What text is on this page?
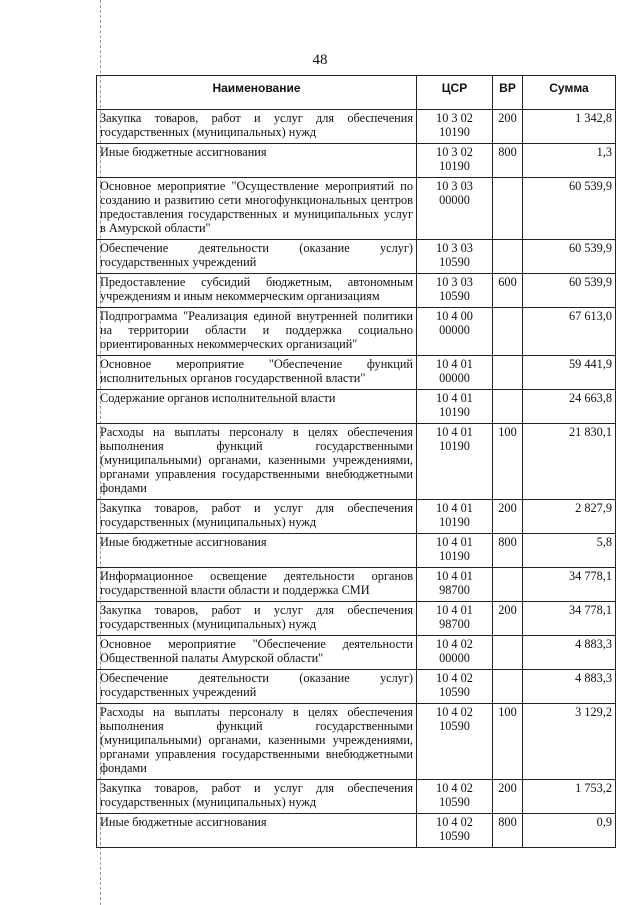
48
Наименование	ЦСР	ВР	Сумма
Закупка товаров, работ и услуг для обеспечения государственных (муниципальных) нужд	10 3 02 10190	200	1 342,8
Иные бюджетные ассигнования	10 3 02 10190	800	1,3
Основное мероприятие "Осуществление мероприятий по созданию и развитию сети многофункциональных центров предоставления государственных и муниципальных услуг в Амурской области"	10 3 03 00000		60 539,9
Обеспечение деятельности (оказание услуг) государственных учреждений	10 3 03 10590		60 539,9
Предоставление субсидий бюджетным, автономным учреждениям и иным некоммерческим организациям	10 3 03 10590	600	60 539,9
Подпрограмма "Реализация единой внутренней политики на территории области и поддержка социально ориентированных некоммерческих организаций"	10 4 00 00000		67 613,0
Основное мероприятие "Обеспечение функций исполнительных органов государственной власти"	10 4 01 00000		59 441,9
Содержание органов исполнительной власти	10 4 01 10190		24 663,8
Расходы на выплаты персоналу в целях обеспечения выполнения функций государственными (муниципальными) органами, казенными учреждениями, органами управления государственными внебюджетными фондами	10 4 01 10190	100	21 830,1
Закупка товаров, работ и услуг для обеспечения государственных (муниципальных) нужд	10 4 01 10190	200	2 827,9
Иные бюджетные ассигнования	10 4 01 10190	800	5,8
Информационное освещение деятельности органов государственной власти области и поддержка СМИ	10 4 01 98700		34 778,1
Закупка товаров, работ и услуг для обеспечения государственных (муниципальных) нужд	10 4 01 98700	200	34 778,1
Основное мероприятие "Обеспечение деятельности Общественной палаты Амурской области"	10 4 02 00000		4 883,3
Обеспечение деятельности (оказание услуг) государственных учреждений	10 4 02 10590		4 883,3
Расходы на выплаты персоналу в целях обеспечения выполнения функций государственными (муниципальными) органами, казенными учреждениями, органами управления государственными внебюджетными фондами	10 4 02 10590	100	3 129,2
Закупка товаров, работ и услуг для обеспечения государственных (муниципальных) нужд	10 4 02 10590	200	1 753,2
Иные бюджетные ассигнования	10 4 02 10590	800	0,9
